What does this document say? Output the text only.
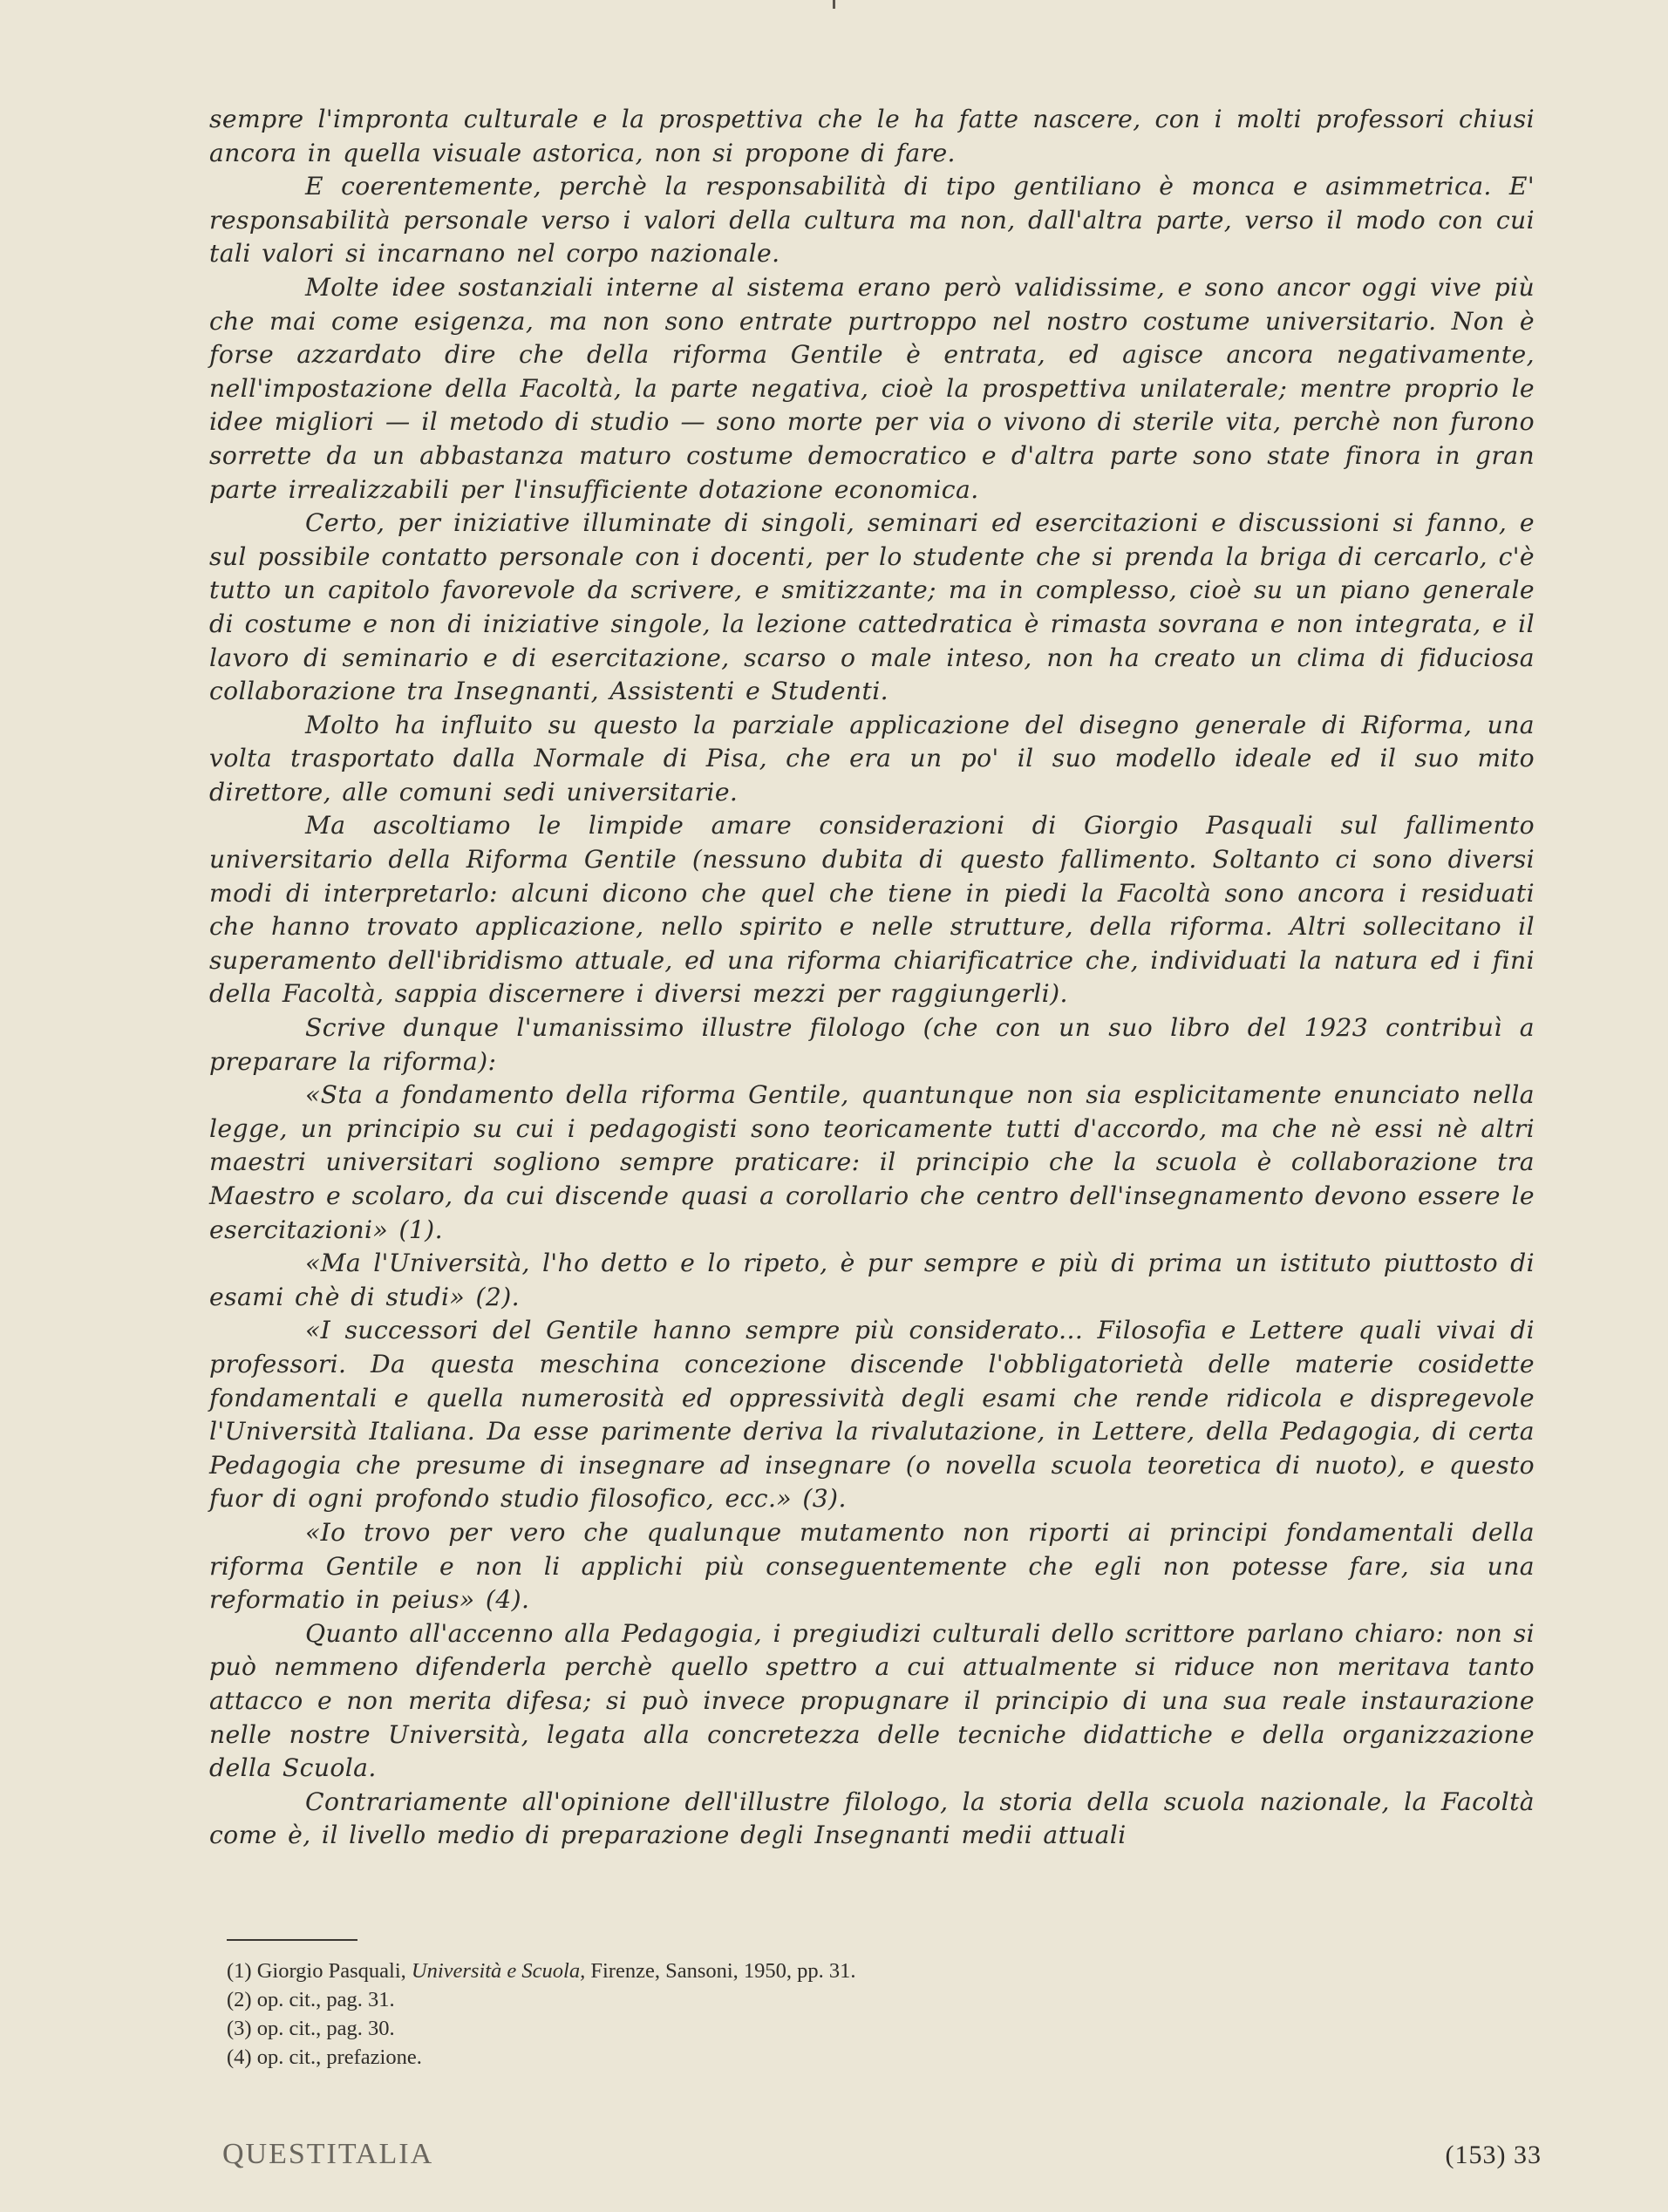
sempre l'impronta culturale e la prospettiva che le ha fatte nascere, con i molti professori chiusi ancora in quella visuale astorica, non si propone di fare.

E coerentemente, perchè la responsabilità di tipo gentiliano è monca e asimmetrica. E' responsabilità personale verso i valori della cultura ma non, dall'altra parte, verso il modo con cui tali valori si incarnano nel corpo nazionale.

Molte idee sostanziali interne al sistema erano però validissime, e sono ancor oggi vive più che mai come esigenza, ma non sono entrate purtroppo nel nostro costume universitario. Non è forse azzardato dire che della riforma Gentile è entrata, ed agisce ancora negativamente, nell'impostazione della Facoltà, la parte negativa, cioè la prospettiva unilaterale; mentre proprio le idee migliori — il metodo di studio — sono morte per via o vivono di sterile vita, perchè non furono sorrette da un abbastanza maturo costume democratico e d'altra parte sono state finora in gran parte irrealizzabili per l'insufficiente dotazione economica.

Certo, per iniziative illuminate di singoli, seminari ed esercitazioni e discussioni si fanno, e sul possibile contatto personale con i docenti, per lo studente che si prenda la briga di cercarlo, c'è tutto un capitolo favorevole da scrivere, e smitizzante; ma in complesso, cioè su un piano generale di costume e non di iniziative singole, la lezione cattedratica è rimasta sovrana e non integrata, e il lavoro di seminario e di esercitazione, scarso o male inteso, non ha creato un clima di fiduciosa collaborazione tra Insegnanti, Assistenti e Studenti.

Molto ha influito su questo la parziale applicazione del disegno generale di Riforma, una volta trasportato dalla Normale di Pisa, che era un po' il suo modello ideale ed il suo mito direttore, alle comuni sedi universitarie.

Ma ascoltiamo le limpide amare considerazioni di Giorgio Pasquali sul fallimento universitario della Riforma Gentile (nessuno dubita di questo fallimento. Soltanto ci sono diversi modi di interpretarlo: alcuni dicono che quel che tiene in piedi la Facoltà sono ancora i residuati che hanno trovato applicazione, nello spirito e nelle strutture, della riforma. Altri sollecitano il superamento dell'ibridismo attuale, ed una riforma chiarificatrice che, individuati la natura ed i fini della Facoltà, sappia discernere i diversi mezzi per raggiungerli).

Scrive dunque l'umanissimo illustre filologo (che con un suo libro del 1923 contribuì a preparare la riforma):

«Sta a fondamento della riforma Gentile, quantunque non sia esplicitamente enunciato nella legge, un principio su cui i pedagogisti sono teoricamente tutti d'accordo, ma che nè essi nè altri maestri universitari sogliono sempre praticare: il principio che la scuola è collaborazione tra Maestro e scolaro, da cui discende quasi a corollario che centro dell'insegnamento devono essere le esercitazioni» (1).

«Ma l'Università, l'ho detto e lo ripeto, è pur sempre e più di prima un istituto piuttosto di esami chè di studi» (2).

«I successori del Gentile hanno sempre più considerato... Filosofia e Lettere quali vivai di professori. Da questa meschina concezione discende l'obbligatorietà delle materie cosidette fondamentali e quella numerosità ed oppressività degli esami che rende ridicola e dispregevole l'Università Italiana. Da esse parimente deriva la rivalutazione, in Lettere, della Pedagogia, di certa Pedagogia che presume di insegnare ad insegnare (o novella scuola teoretica di nuoto), e questo fuor di ogni profondo studio filosofico, ecc.» (3).

«Io trovo per vero che qualunque mutamento non riporti ai principi fondamentali della riforma Gentile e non li applichi più conseguentemente che egli non potesse fare, sia una reformatio in peius» (4).

Quanto all'accenno alla Pedagogia, i pregiudizi culturali dello scrittore parlano chiaro: non si può nemmeno difenderla perchè quello spettro a cui attualmente si riduce non meritava tanto attacco e non merita difesa; si può invece propugnare il principio di una sua reale instaurazione nelle nostre Università, legata alla concretezza delle tecniche didattiche e della organizzazione della Scuola.

Contrariamente all'opinione dell'illustre filologo, la storia della scuola nazionale, la Facoltà come è, il livello medio di preparazione degli Insegnanti medii attuali

(1) Giorgio Pasquali, Università e Scuola, Firenze, Sansoni, 1950, pp. 31.
(2) op. cit., pag. 31.
(3) op. cit., pag. 30.
(4) op. cit., prefazione.
QUESTITALIA	(153) 33
